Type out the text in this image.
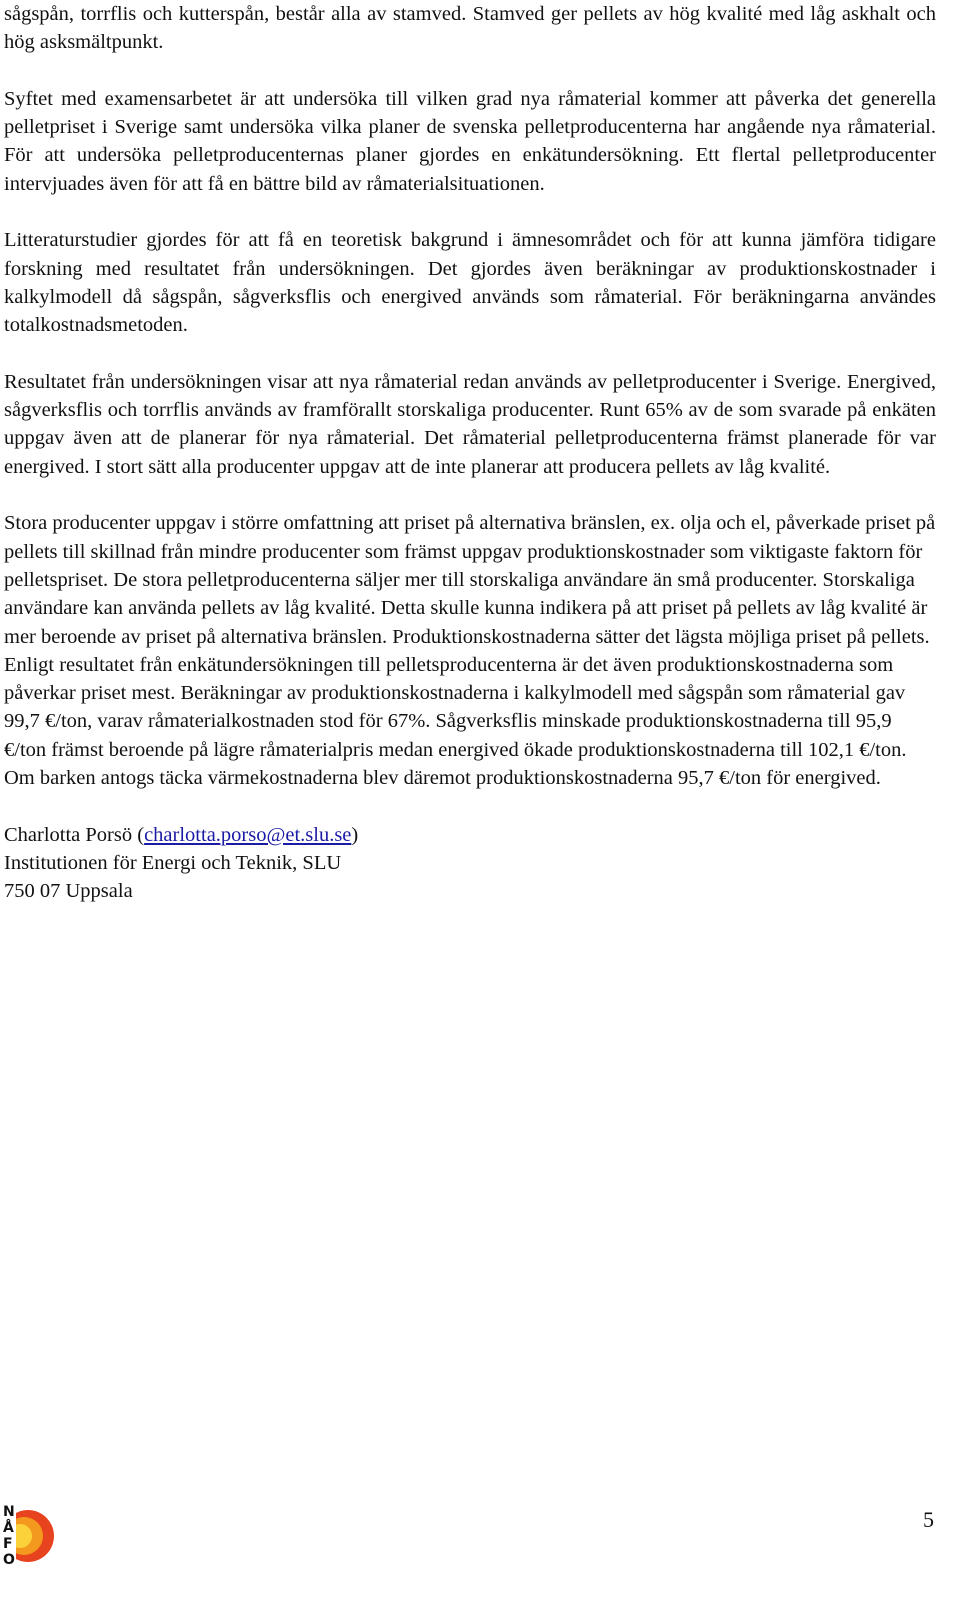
sågspån, torrflis och kutterspån, består alla av stamved. Stamved ger pellets av hög kvalité med låg askhalt och hög asksmältpunkt.

Syftet med examensarbetet är att undersöka till vilken grad nya råmaterial kommer att påverka det generella pelletpriset i Sverige samt undersöka vilka planer de svenska pelletproducenterna har angående nya råmaterial. För att undersöka pelletproducenternas planer gjordes en enkätundersökning. Ett flertal pelletproducenter intervjuades även för att få en bättre bild av råmaterialsituationen.

Litteraturstudier gjordes för att få en teoretisk bakgrund i ämnesområdet och för att kunna jämföra tidigare forskning med resultatet från undersökningen. Det gjordes även beräkningar av produktionskostnader i kalkylmodell då sågspån, sågverksflis och energived används som råmaterial. För beräkningarna användes totalkostnadsmetoden.

Resultatet från undersökningen visar att nya råmaterial redan används av pelletproducenter i Sverige. Energived, sågverksflis och torrflis används av framförallt storskaliga producenter. Runt 65% av de som svarade på enkäten uppgav även att de planerar för nya råmaterial. Det råmaterial pelletproducenterna främst planerade för var energived. I stort sätt alla producenter uppgav att de inte planerar att producera pellets av låg kvalité.

Stora producenter uppgav i större omfattning att priset på alternativa bränslen, ex. olja och el, påverkade priset på pellets till skillnad från mindre producenter som främst uppgav produktionskostnader som viktigaste faktorn för pelletspriset. De stora pelletproducenterna säljer mer till storskaliga användare än små producenter. Storskaliga användare kan använda pellets av låg kvalité. Detta skulle kunna indikera på att priset på pellets av låg kvalité är mer beroende av priset på alternativa bränslen. Produktionskostnaderna sätter det lägsta möjliga priset på pellets. Enligt resultatet från enkätundersökningen till pelletsproducenterna är det även produktionskostnaderna som påverkar priset mest. Beräkningar av produktionskostnaderna i kalkylmodell med sågspån som råmaterial gav 99,7 €/ton, varav råmaterialkostnaden stod för 67%. Sågverksflis minskade produktionskostnaderna till 95,9 €/ton främst beroende på lägre råmaterialpris medan energived ökade produktionskostnaderna till 102,1 €/ton. Om barken antogs täcka värmekostnaderna blev däremot produktionskostnaderna 95,7 €/ton för energived.

Charlotta Porsö (charlotta.porso@et.slu.se)
Institutionen för Energi och Teknik, SLU
750 07 Uppsala
5
N
Å
F
O
